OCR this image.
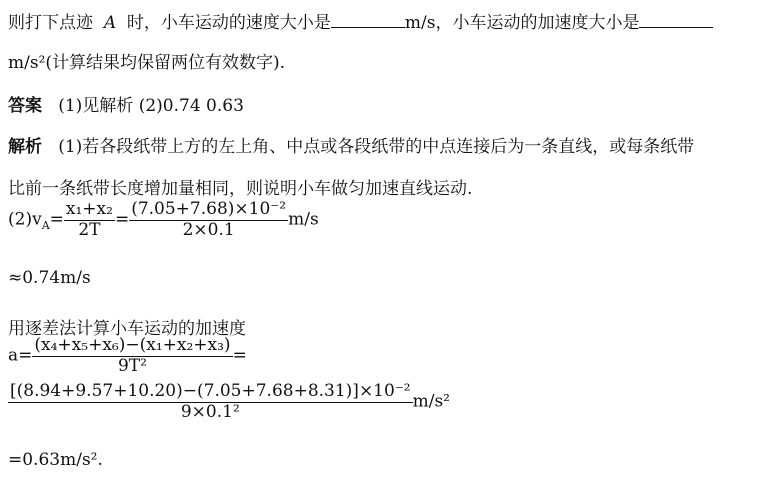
则打下点迹 A 时，小车运动的速度大小是	m/s，小车运动的加速度大小是
m/s²(计算结果均保留两位有效数字).
答案 (1)见解析 (2)0.74 0.63
解析 (1)若各段纸带上方的左上角、中点或各段纸带的中点连接后为一条直线，或每条纸带
比前一条纸带长度增加量相同，则说明小车做匀加速直线运动.
$(2)v_A= \frac{\text{x₁+x₂}}{2T} = \frac{\text{(7.05+7.68)×10⁻²}}{2\times 0.1} m/s$
≈0.74m/s
用逐差法计算小车运动的加速度
$a= \frac{\text{(x₄+x₅+x₆)−(x₁+x₂+x₃)}}{\text{9T²}}$ =
$\frac{\text{[(8.94+9.57+10.20)−(7.05+7.68+8.31)]×10⁻²}}{\text{9×0.1²}} m/s^2$
=0.63m/s².
